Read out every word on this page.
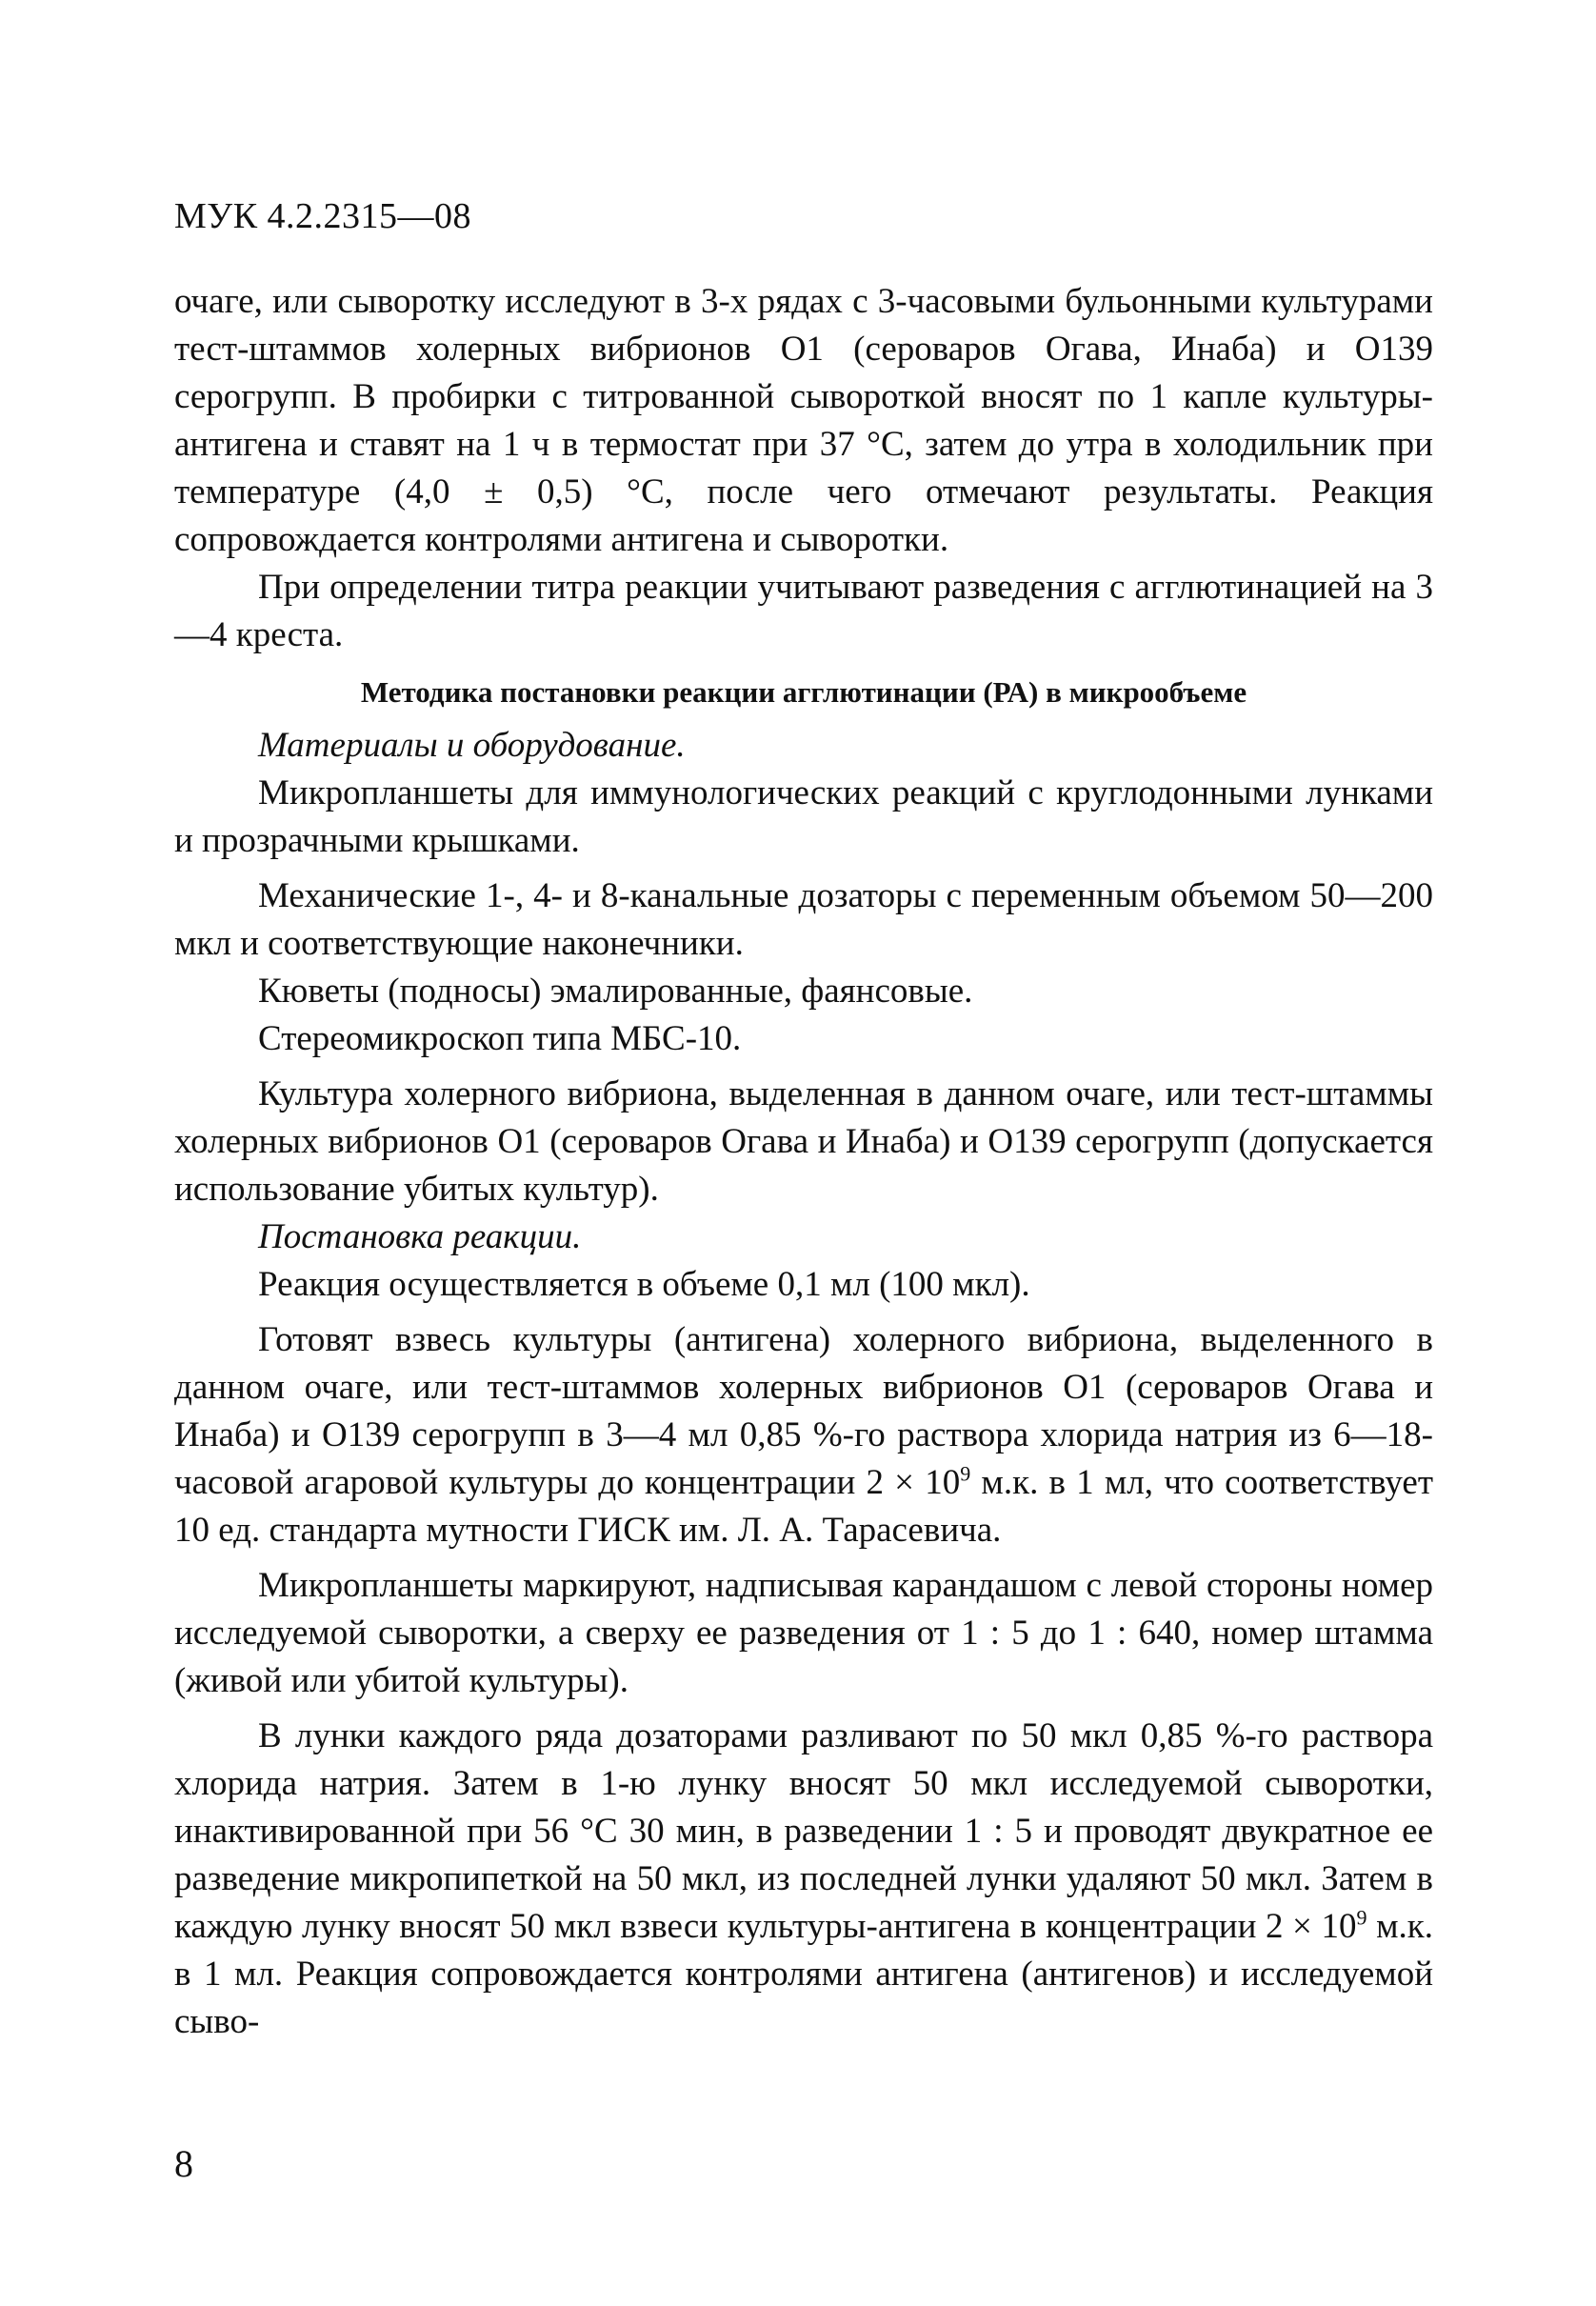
МУК 4.2.2315—08

очаге, или сыворотку исследуют в 3-х рядах с 3-часовыми бульонными культурами тест-штаммов холерных вибрионов O1 (сероваров Огава, Инаба) и O139 серогрупп. В пробирки с титрованной сывороткой вносят по 1 капле культуры-антигена и ставят на 1 ч в термостат при 37 °С, затем до утра в холодильник при температуре (4,0 ± 0,5) °С, после чего отмечают результаты. Реакция сопровождается контролями антигена и сыворотки.

При определении титра реакции учитывают разведения с агглютинацией на 3—4 креста.

Методика постановки реакции агглютинации (РА) в микрообъеме

Материалы и оборудование.

Микропланшеты для иммунологических реакций с круглодонными лунками и прозрачными крышками.

Механические 1-, 4- и 8-канальные дозаторы с переменным объемом 50—200 мкл и соответствующие наконечники.

Кюветы (подносы) эмалированные, фаянсовые.

Стереомикроскоп типа МБС-10.

Культура холерного вибриона, выделенная в данном очаге, или тест-штаммы холерных вибрионов O1 (сероваров Огава и Инаба) и O139 серогрупп (допускается использование убитых культур).

Постановка реакции.

Реакция осуществляется в объеме 0,1 мл (100 мкл).

Готовят взвесь культуры (антигена) холерного вибриона, выделенного в данном очаге, или тест-штаммов холерных вибрионов O1 (сероваров Огава и Инаба) и O139 серогрупп в 3—4 мл 0,85 %-го раствора хлорида натрия из 6—18-часовой агаровой культуры до концентрации $2 \times 10^9$ м.к. в 1 мл, что соответствует 10 ед. стандарта мутности ГИСК им. Л. А. Тарасевича.

Микропланшеты маркируют, надписывая карандашом с левой стороны номер исследуемой сыворотки, а сверху ее разведения от 1 : 5 до 1 : 640, номер штамма (живой или убитой культуры).

В лунки каждого ряда дозаторами разливают по 50 мкл 0,85 %-го раствора хлорида натрия. Затем в 1-ю лунку вносят 50 мкл исследуемой сыворотки, инактивированной при 56 °С 30 мин, в разведении 1 : 5 и проводят двукратное ее разведение микропипеткой на 50 мкл, из последней лунки удаляют 50 мкл. Затем в каждую лунку вносят 50 мкл взвеси культуры-антигена в концентрации $2 \times 10^9$ м.к. в 1 мл. Реакция сопровождается контролями антигена (антигенов) и исследуемой сыво-

8
